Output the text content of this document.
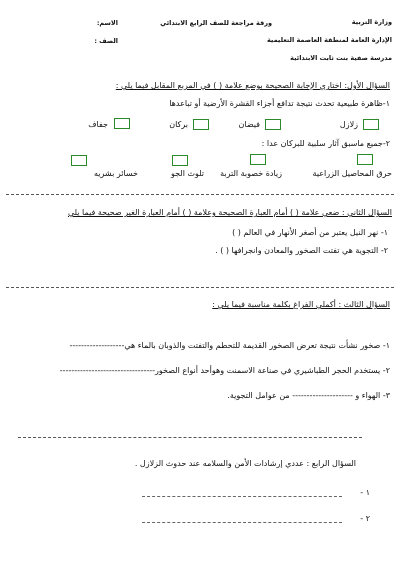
وزارة التربية
ورقة مراجعة للصف الرابع الابتدائي
الاسم:
الإدارة العامة لمنطقة العاصمة التعليمية
الصف :
مدرسة صفية بنت ثابت الابتدائية
السؤال الأول: اختاري الإجابة الصحيحة بوضع علامة ( ) في المربع المقابل فيما يلي :
١-ظاهرة طبيعية تحدث نتيجة تدافع أجزاء القشرة الأرضية أو تباعدها
زلازل
فيضان
بركان
جفاف
٢-جميع ماسبق آثار سلبية للبركان عدا :
حرق المحاصيل الزراعية
زيادة خصوبة التربة
تلوث الجو
خسائر بشريه
السؤال الثاني : ضعي علامة ( ) أمام العبارة الصحيحة وعلامة ( ) أمام العبارة الغير صحيحة فيما يلي
١- نهر النيل يعتبر من أصغر الأنهار في العالم ( )
٢- التجوية هي تفتت الصخور والمعادن وانجرافها ( ) .
السؤال الثالث : أكملي الفراغ بكلمة مناسبة فيما يلي :
١- صخور نشأت نتيجة تعرض الصخور القديمة للتحطم والتفتت والذوبان بالماء هي-------------------
٢- يستخدم الحجر الطباشيري في صناعة الاسمنت وهوأحد أنواع الصخور---------------------------------
٣- الهواء و --------------------- من عوامل التجوية.
السؤال الرابع : عددي إرشادات الأمن والسلامه عند حدوث الزلازل .
١ -
٢ -
